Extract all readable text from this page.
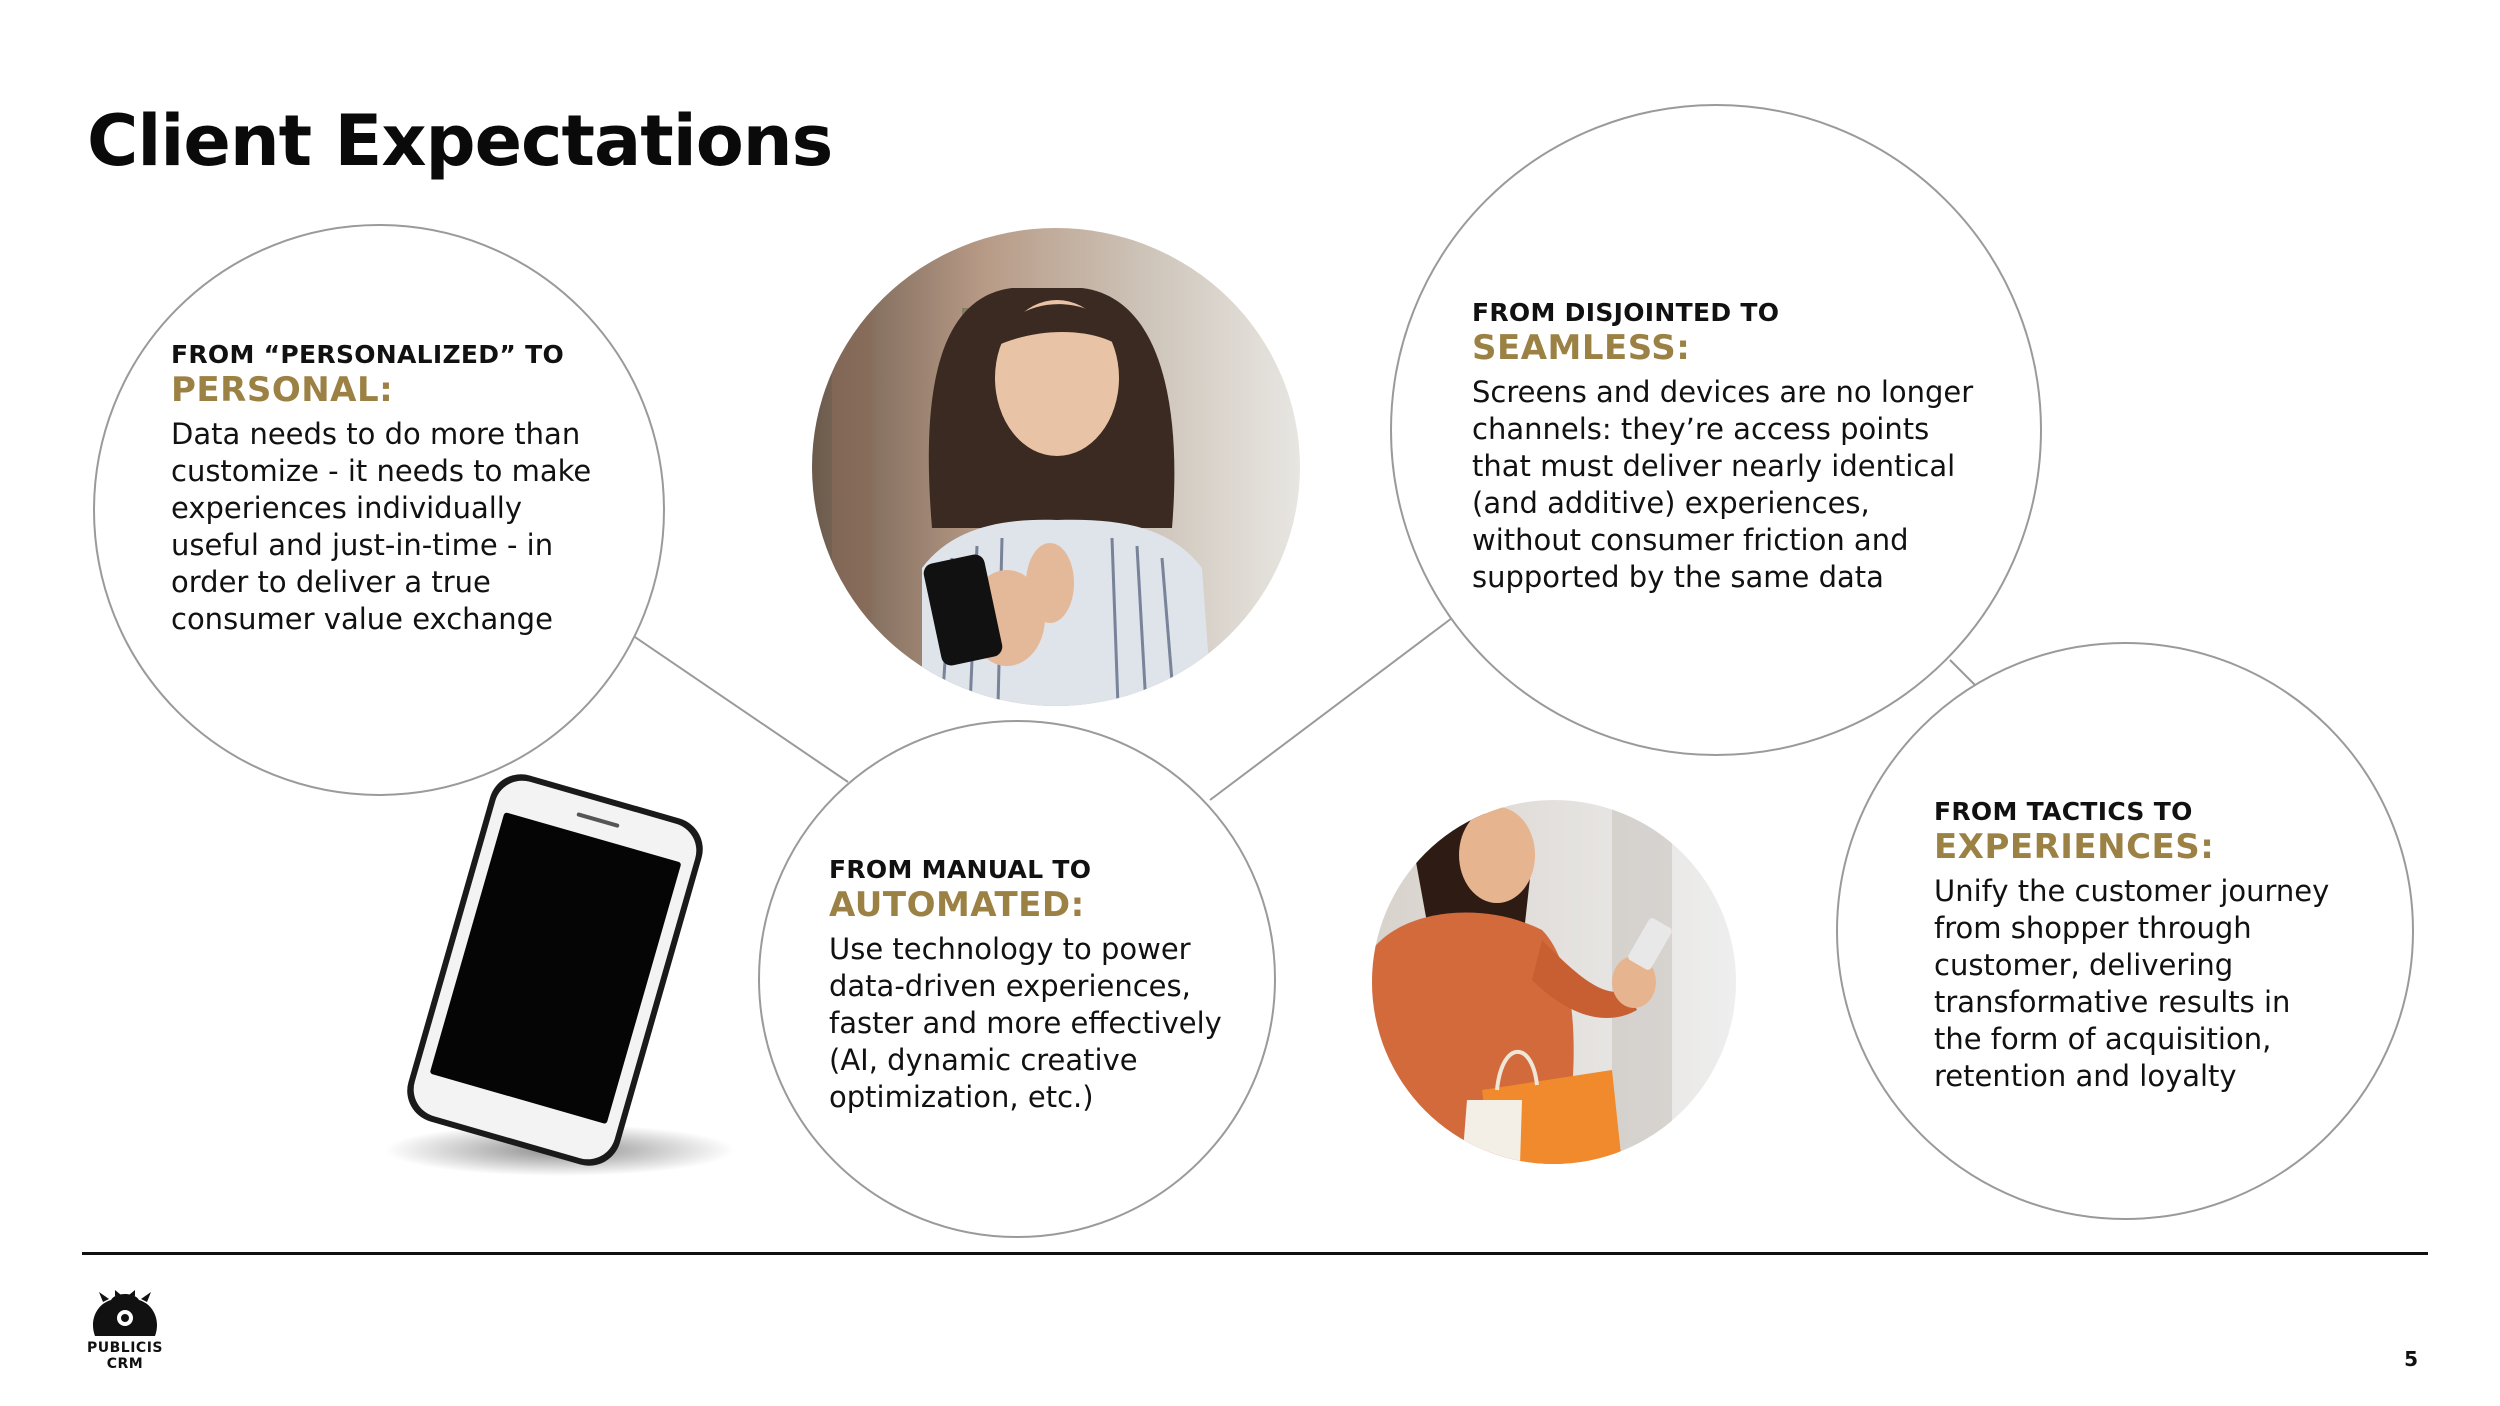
Client Expectations
FROM “PERSONALIZED” TO
PERSONAL:
Data needs to do more than
customize - it needs to make
experiences individually
useful and just-in-time - in
order to deliver a true
consumer value exchange
FROM MANUAL TO
AUTOMATED:
Use technology to power
data-driven experiences,
faster and more effectively
(AI, dynamic creative
optimization, etc.)
FROM DISJOINTED TO
SEAMLESS:
Screens and devices are no longer
channels: they’re access points
that must deliver nearly identical
(and additive) experiences,
without consumer friction and
supported by the same data
FROM TACTICS TO
EXPERIENCES:
Unify the customer journey
from shopper through
customer, delivering
transformative results in
the form of acquisition,
retention and loyalty
PUBLICIS
CRM	5
